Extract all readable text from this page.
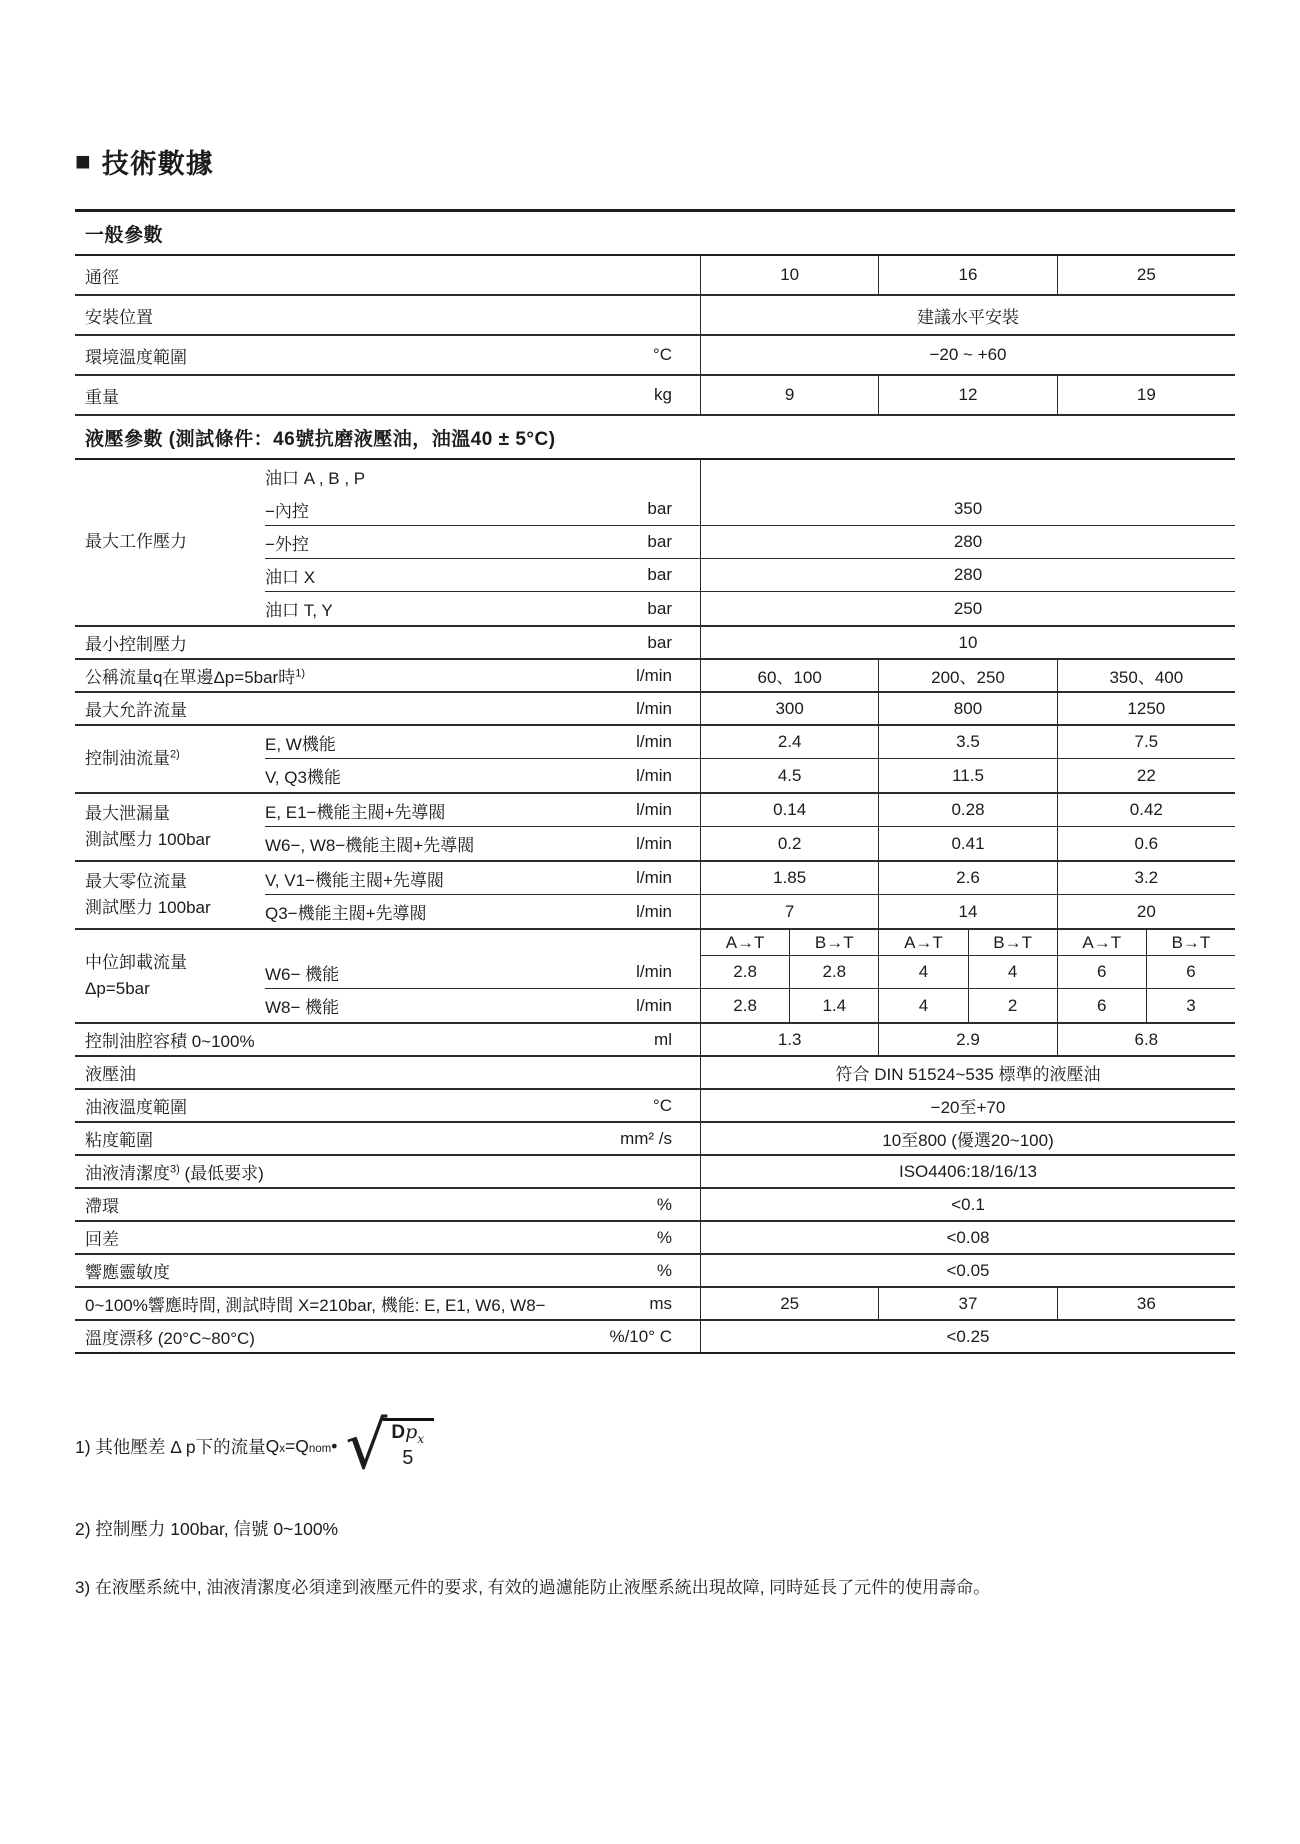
■ 技術數據
一般參數
通徑	10	16	25
安裝位置	建議水平安裝
環境溫度範圍	°C	−20 ~ +60
重量	kg	9	12	19
液壓參數 (測試條件：46號抗磨液壓油，油溫40 ± 5°C)
最大工作壓力
油口 A , B , P
−內控	bar	350
−外控	bar	280
油口 X	bar	280
油口 T, Y	bar	250
最小控制壓力	bar	10
公稱流量q在單邊Δp=5bar時$^{1)}$	l/min	60、100	200、250	350、400
最大允許流量	l/min	300	800	1250
控制油流量$^{2)}$
E, W機能	l/min	2.4	3.5	7.5
V, Q3機能	l/min	4.5	11.5	22
最大泄漏量
測試壓力 100bar
E, E1−機能主閥+先導閥	l/min	0.14	0.28	0.42
W6−, W8−機能主閥+先導閥	l/min	0.2	0.41	0.6
最大零位流量
測試壓力 100bar
V, V1−機能主閥+先導閥	l/min	1.85	2.6	3.2
Q3−機能主閥+先導閥	l/min	7	14	20
中位卸載流量
Δp=5bar
A→T	B→T	A→T	B→T	A→T	B→T
W6− 機能	l/min	2.8	2.8	4	4	6	6
W8− 機能	l/min	2.8	1.4	4	2	6	3
控制油腔容積 0~100%	ml	1.3	2.9	6.8
液壓油	符合 DIN 51524~535 標準的液壓油
油液溫度範圍	°C	−20至+70
粘度範圍	mm² /s	10至800 (優選20~100)
油液清潔度$^{3)}$ (最低要求)	ISO4406:18/16/13
滯環	%	<0.1
回差	%	<0.08
響應靈敏度	%	<0.05
0~100%響應時間, 測試時間 X=210bar, 機能: E, E1, W6, W8−	ms	25	37	36
溫度漂移 (20°C~80°C)	%/10° C	<0.25
1) 其他壓差 Δ p下的流量 Q x =Q nom • √ $Dp_x$
5
2) 控制壓力 100bar, 信號 0~100%
3) 在液壓系統中, 油液清潔度必須達到液壓元件的要求, 有效的過濾能防止液壓系統出現故障, 同時延長了元件的使用壽命。
